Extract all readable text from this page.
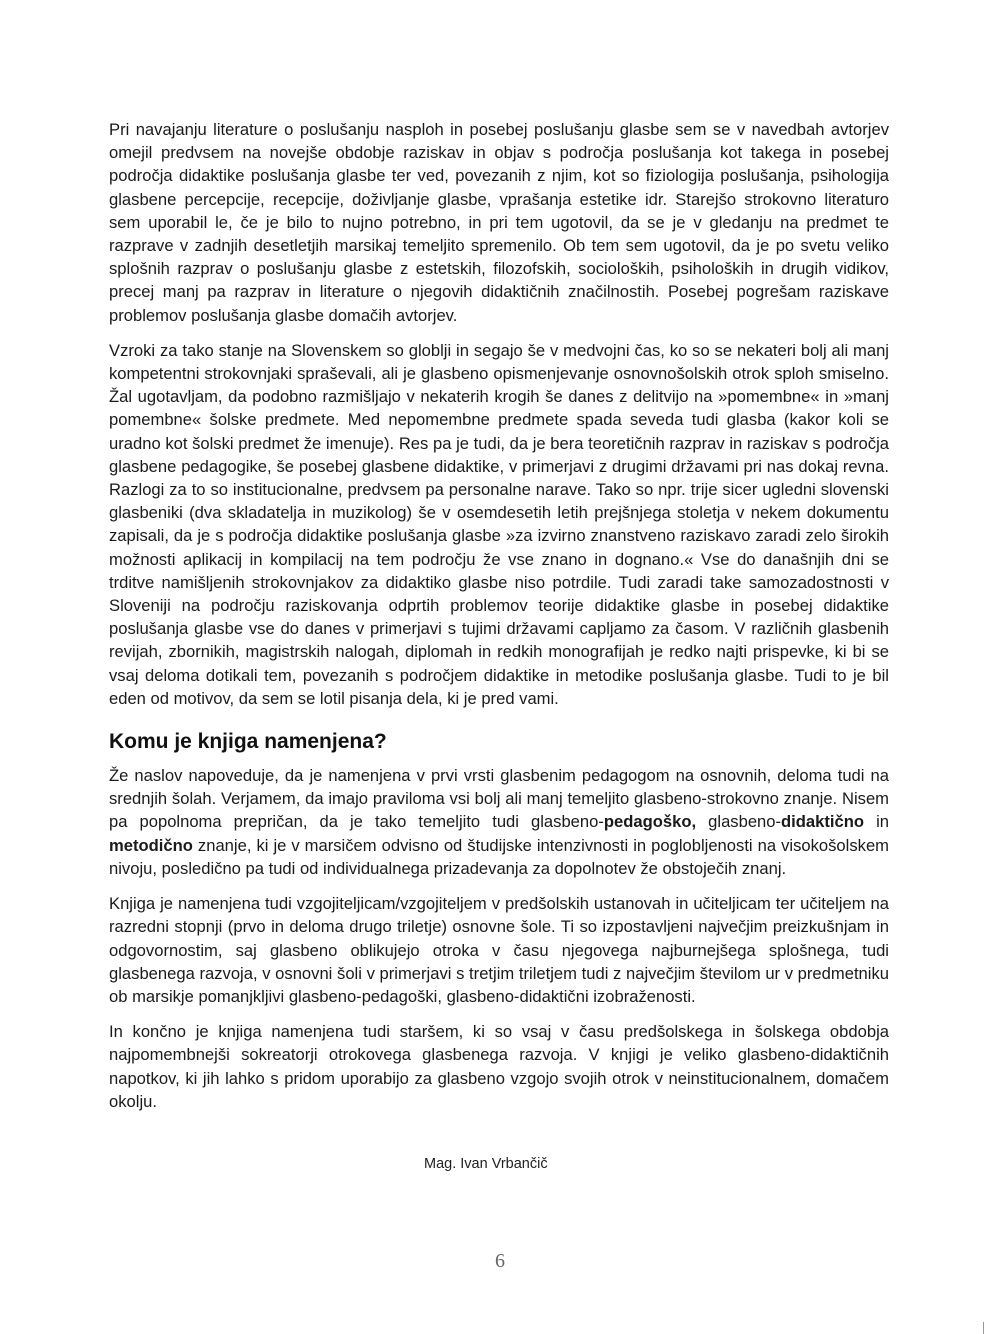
Pri navajanju literature o poslušanju nasploh in posebej poslušanju glasbe sem se v navedbah avtorjev omejil predvsem na novejše obdobje raziskav in objav s področja poslušanja kot takega in posebej področja didaktike poslušanja glasbe ter ved, povezanih z njim, kot so fiziologija poslušanja, psihologija glasbene percepcije, recepcije, doživljanje glasbe, vprašanja estetike idr. Starejšo strokovno literaturo sem uporabil le, če je bilo to nujno potrebno, in pri tem ugotovil, da se je v gledanju na predmet te razprave v zadnjih desetletjih marsikaj temeljito spremenilo. Ob tem sem ugotovil, da je po svetu veliko splošnih razprav o poslušanju glasbe z estetskih, filozofskih, socioloških, psiholoških in drugih vidikov, precej manj pa razprav in literature o njegovih didaktičnih značilnostih. Posebej pogrešam raziskave problemov poslušanja glasbe domačih avtorjev.

Vzroki za tako stanje na Slovenskem so globlji in segajo še v medvojni čas, ko so se nekateri bolj ali manj kompetentni strokovnjaki spraševali, ali je glasbeno opismenjevanje osnovnošolskih otrok sploh smiselno. Žal ugotavljam, da podobno razmišljajo v nekaterih krogih še danes z delitvijo na »pomembne« in »manj pomembne« šolske predmete. Med nepomembne predmete spada seveda tudi glasba (kakor koli se uradno kot šolski predmet že imenuje). Res pa je tudi, da je bera teoretičnih razprav in raziskav s področja glasbene pedagogike, še posebej glasbene didaktike, v primerjavi z drugimi državami pri nas dokaj revna. Razlogi za to so institucionalne, predvsem pa personalne narave. Tako so npr. trije sicer ugledni slovenski glasbeniki (dva skladatelja in muzikolog) še v osemdesetih letih prejšnjega stoletja v nekem dokumentu zapisali, da je s področja didaktike poslušanja glasbe »za izvirno znanstveno raziskavo zaradi zelo širokih možnosti aplikacij in kompilacij na tem področju že vse znano in dognano.« Vse do današnjih dni se trditve namišljenih strokovnjakov za didaktiko glasbe niso potrdile. Tudi zaradi take samozadostnosti v Sloveniji na področju raziskovanja odprtih problemov teorije didaktike glasbe in posebej didaktike poslušanja glasbe vse do danes v primerjavi s tujimi državami capljamo za časom. V različnih glasbenih revijah, zbornikih, magistrskih nalogah, diplomah in redkih monografijah je redko najti prispevke, ki bi se vsaj deloma dotikali tem, povezanih s področjem didaktike in metodike poslušanja glasbe. Tudi to je bil eden od motivov, da sem se lotil pisanja dela, ki je pred vami.

Komu je knjiga namenjena?

Že naslov napoveduje, da je namenjena v prvi vrsti glasbenim pedagogom na osnovnih, deloma tudi na srednjih šolah. Verjamem, da imajo praviloma vsi bolj ali manj temeljito glasbeno-strokovno znanje. Nisem pa popolnoma prepričan, da je tako temeljito tudi glasbeno-pedagoško, glasbeno-didaktično in metodično znanje, ki je v marsičem odvisno od študijske intenzivnosti in poglobljenosti na visokošolskem nivoju, posledično pa tudi od individualnega prizadevanja za dopolnotev že obstoječih znanj.

Knjiga je namenjena tudi vzgojiteljicam/vzgojiteljem v predšolskih ustanovah in učiteljicam ter učiteljem na razredni stopnji (prvo in deloma drugo triletje) osnovne šole. Ti so izpostavljeni največjim preizkušnjam in odgovornostim, saj glasbeno oblikujejo otroka v času njegovega najburnejšega splošnega, tudi glasbenega razvoja, v osnovni šoli v primerjavi s tretjim triletjem tudi z največjim številom ur v predmetniku ob marsikje pomanjkljivi glasbeno-pedagoški, glasbeno-didaktični izobraženosti.

In končno je knjiga namenjena tudi staršem, ki so vsaj v času predšolskega in šolskega obdobja najpomembnejši sokreatorji otrokovega glasbenega razvoja. V knjigi je veliko glasbeno-didaktičnih napotkov, ki jih lahko s pridom uporabijo za glasbeno vzgojo svojih otrok v neinstitucionalnem, domačem okolju.

Mag. Ivan Vrbančič
6
